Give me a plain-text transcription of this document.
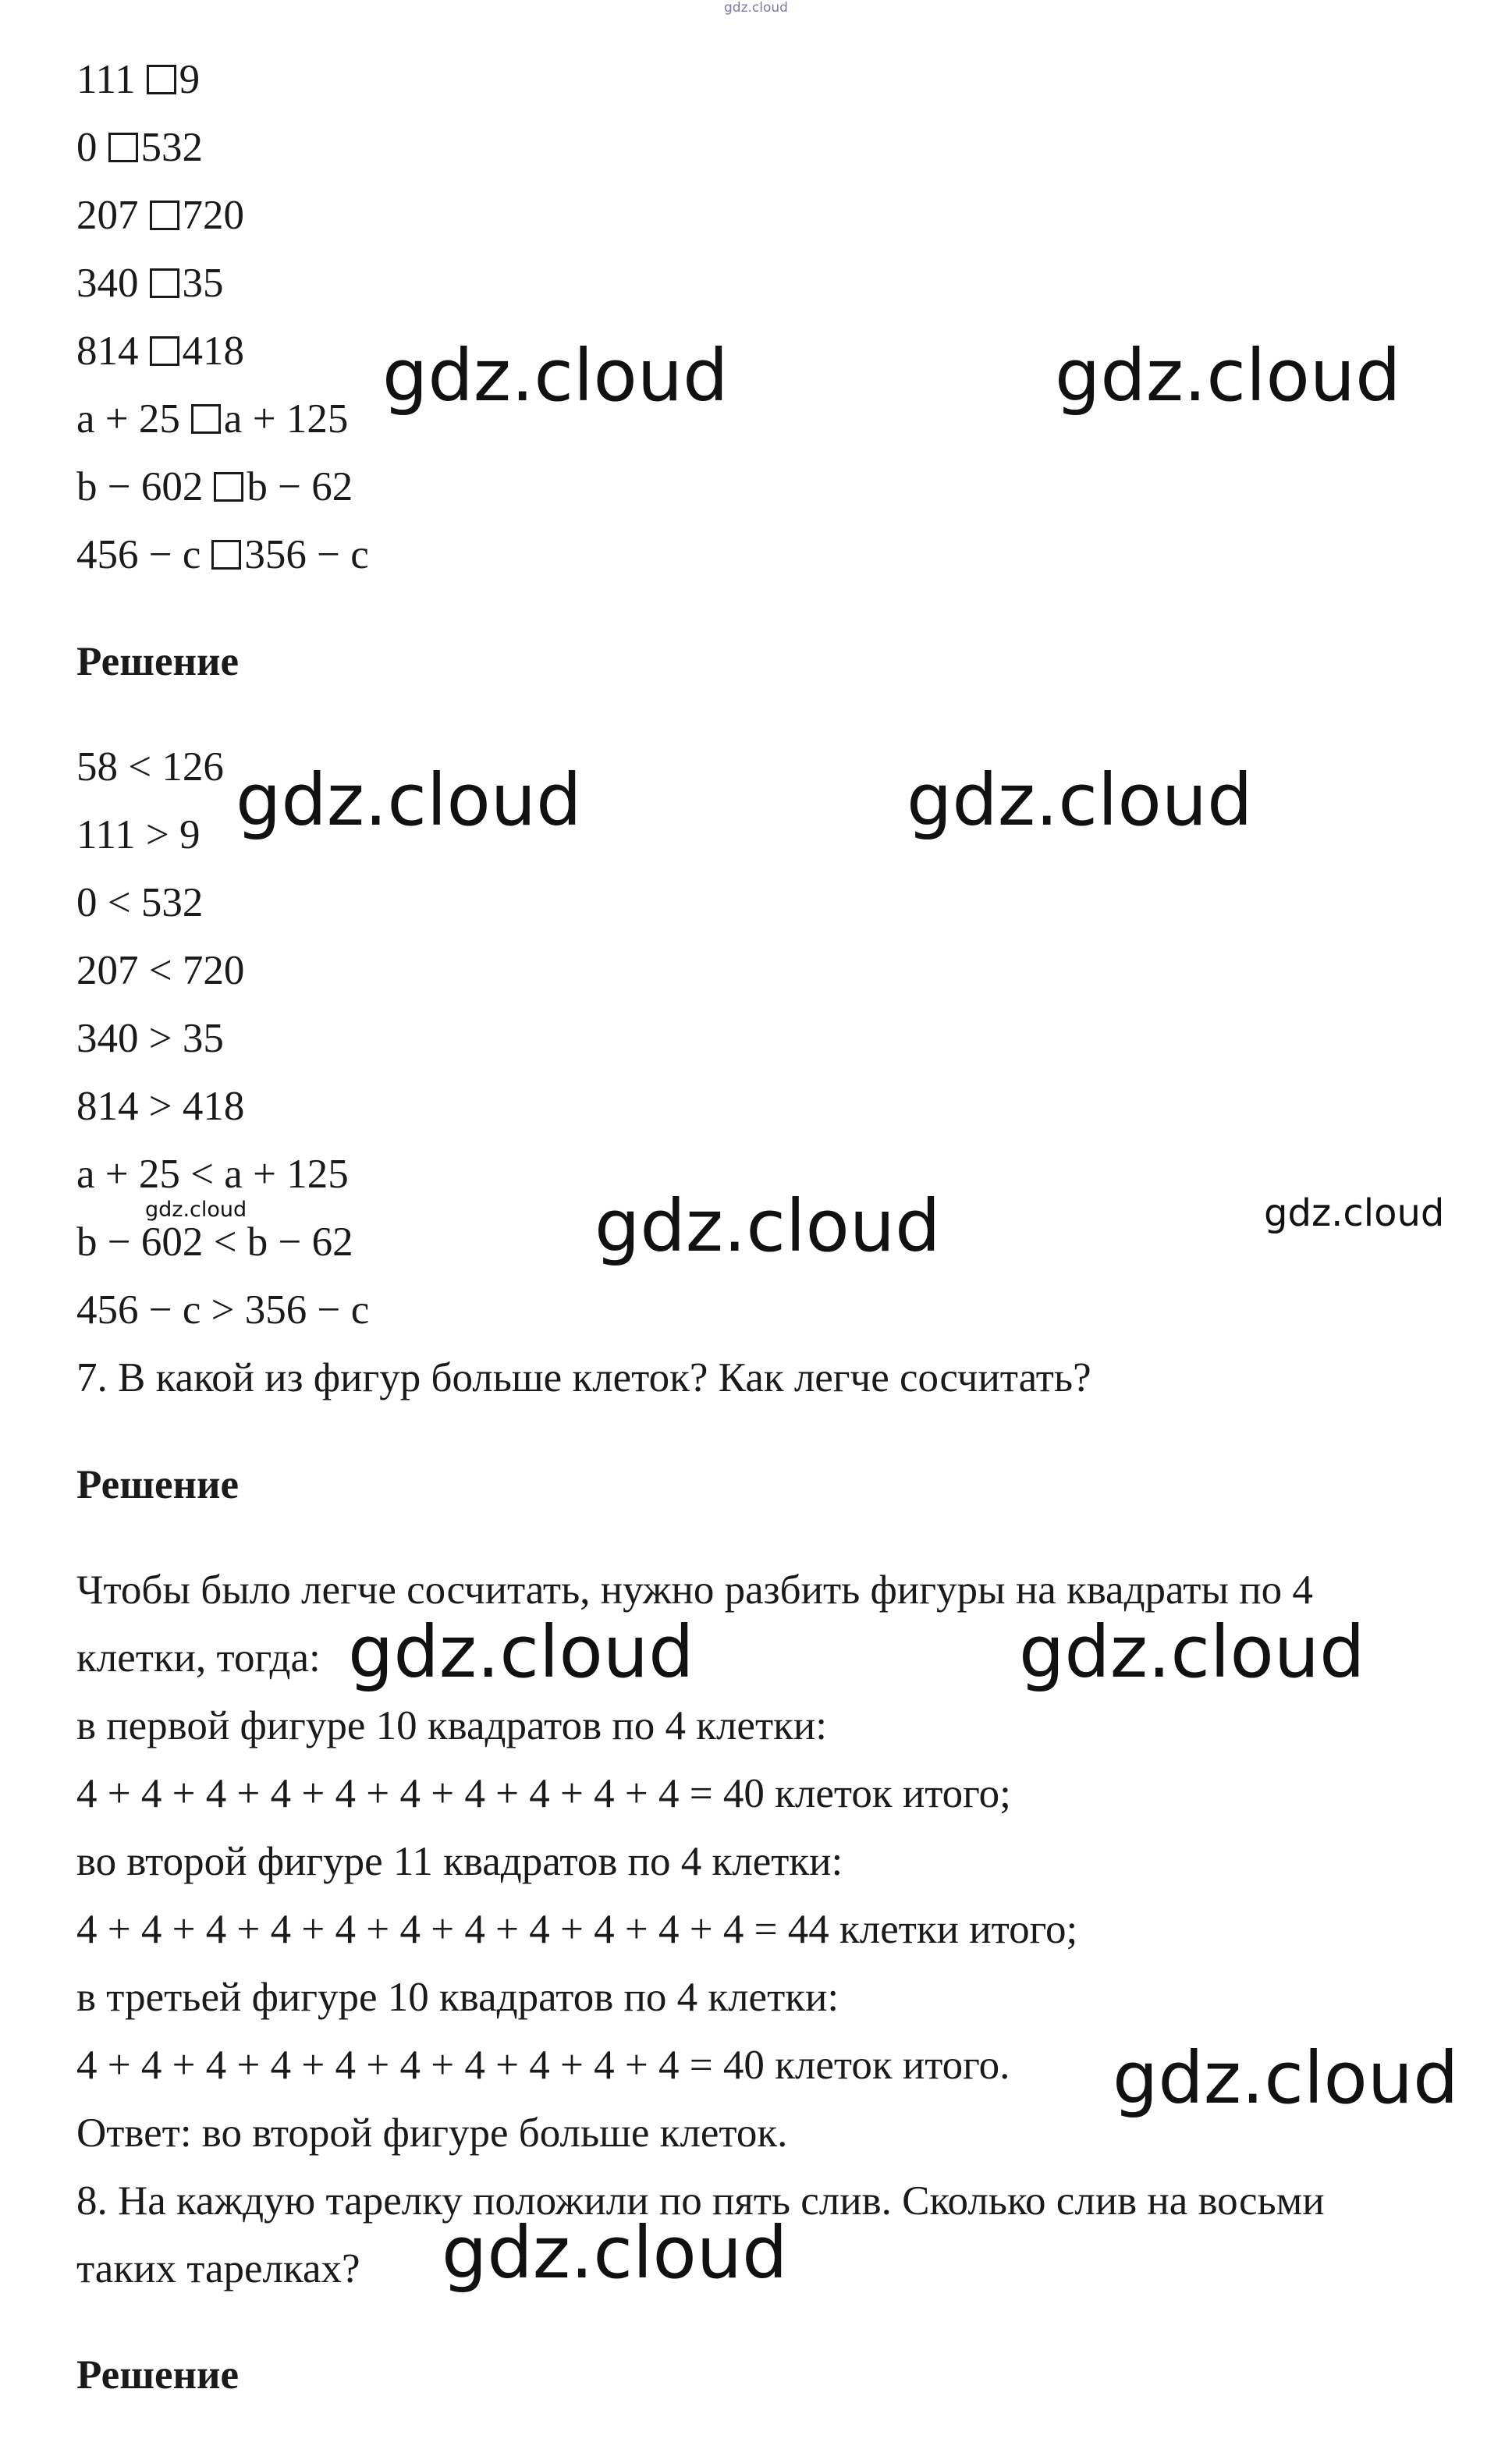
111 9
0 532
207 720
340 35
814 418
a + 25 a + 125
b − 602 b − 62
456 − c 356 − c
Решение
58 < 126
111 > 9
0 < 532
207 < 720
340 > 35
814 > 418
a + 25 < a + 125
b − 602 < b − 62
456 − c > 356 − c
7. В какой из фигур больше клеток? Как легче сосчитать?
Решение
Чтобы было легче сосчитать, нужно разбить фигуры на квадраты по 4
клетки, тогда:
в первой фигуре 10 квадратов по 4 клетки:
4 + 4 + 4 + 4 + 4 + 4 + 4 + 4 + 4 + 4 = 40 клеток итого;
во второй фигуре 11 квадратов по 4 клетки:
4 + 4 + 4 + 4 + 4 + 4 + 4 + 4 + 4 + 4 + 4 = 44 клетки итого;
в третьей фигуре 10 квадратов по 4 клетки:
4 + 4 + 4 + 4 + 4 + 4 + 4 + 4 + 4 + 4 = 40 клеток итого.
Ответ: во второй фигуре больше клеток.
8. На каждую тарелку положили по пять слив. Сколько слив на восьми
таких тарелках?
Решение
gdz.cloud
gdz.cloud	gdz.cloud
gdz.cloud	gdz.cloud
gdz.cloud	gdz.cloud	gdz.cloud
gdz.cloud	gdz.cloud
gdz.cloud
gdz.cloud
